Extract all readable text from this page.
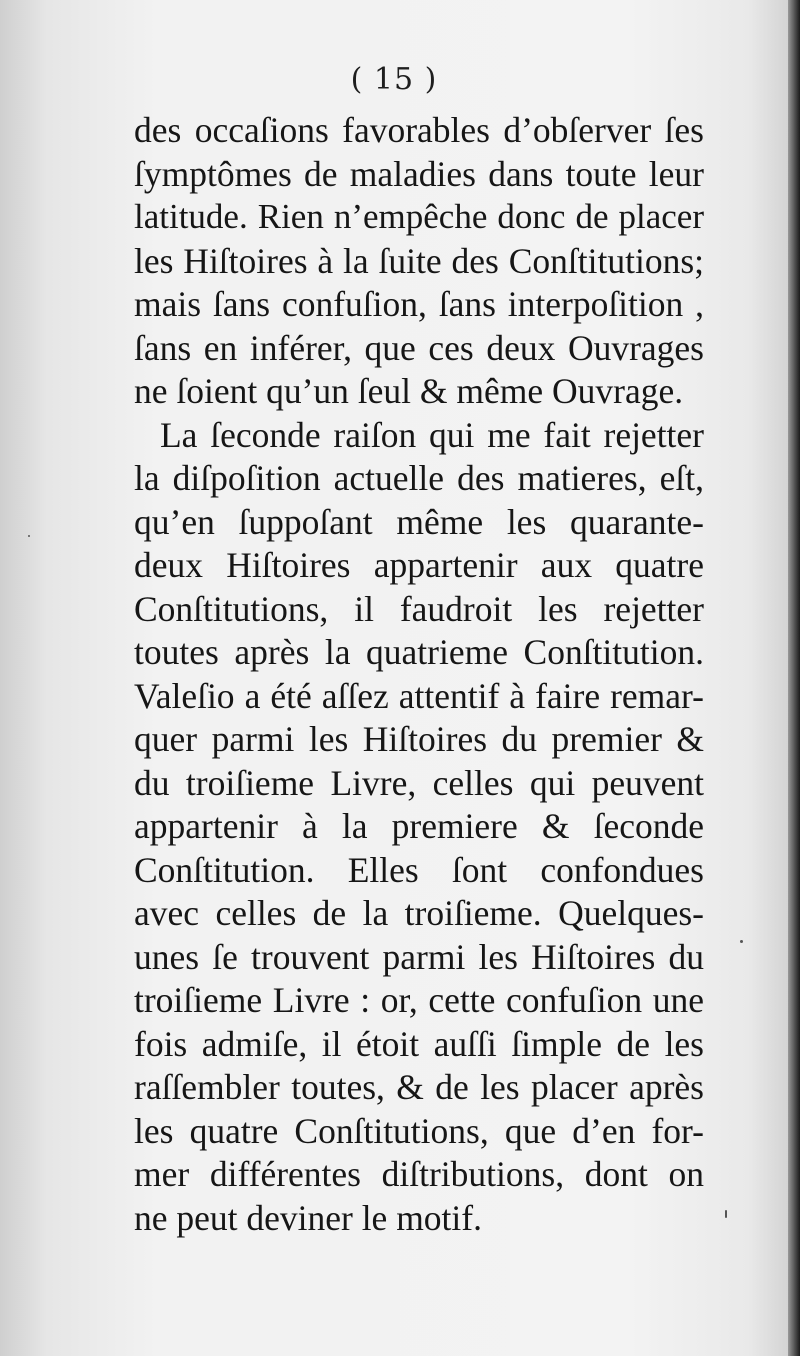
( 15 )
des occaſions favorables d’obſerver ſes
ſymptômes de maladies dans toute leur
latitude. Rien n’empêche donc de placer
les Hiſtoires à la ſuite des Conſtitutions;
mais ſans confuſion, ſans interpoſition ,
ſans en inférer, que ces deux Ouvrages
ne ſoient qu’un ſeul & même Ouvrage.
La ſeconde raiſon qui me fait rejetter
la diſpoſition actuelle des matieres, eſt,
qu’en ſuppoſant même les quarante-
deux Hiſtoires appartenir aux quatre
Conſtitutions, il faudroit les rejetter
toutes après la quatrieme Conſtitution.
Valeſio a été aſſez attentif à faire remar-
quer parmi les Hiſtoires du premier &
du troiſieme Livre, celles qui peuvent
appartenir à la premiere & ſeconde
Conſtitution. Elles ſont confondues
avec celles de la troiſieme. Quelques-
unes ſe trouvent parmi les Hiſtoires du
troiſieme Livre : or, cette confuſion une
fois admiſe, il étoit auſſi ſimple de les
raſſembler toutes, & de les placer après
les quatre Conſtitutions, que d’en for-
mer différentes diſtributions, dont on
ne peut deviner le motif.
